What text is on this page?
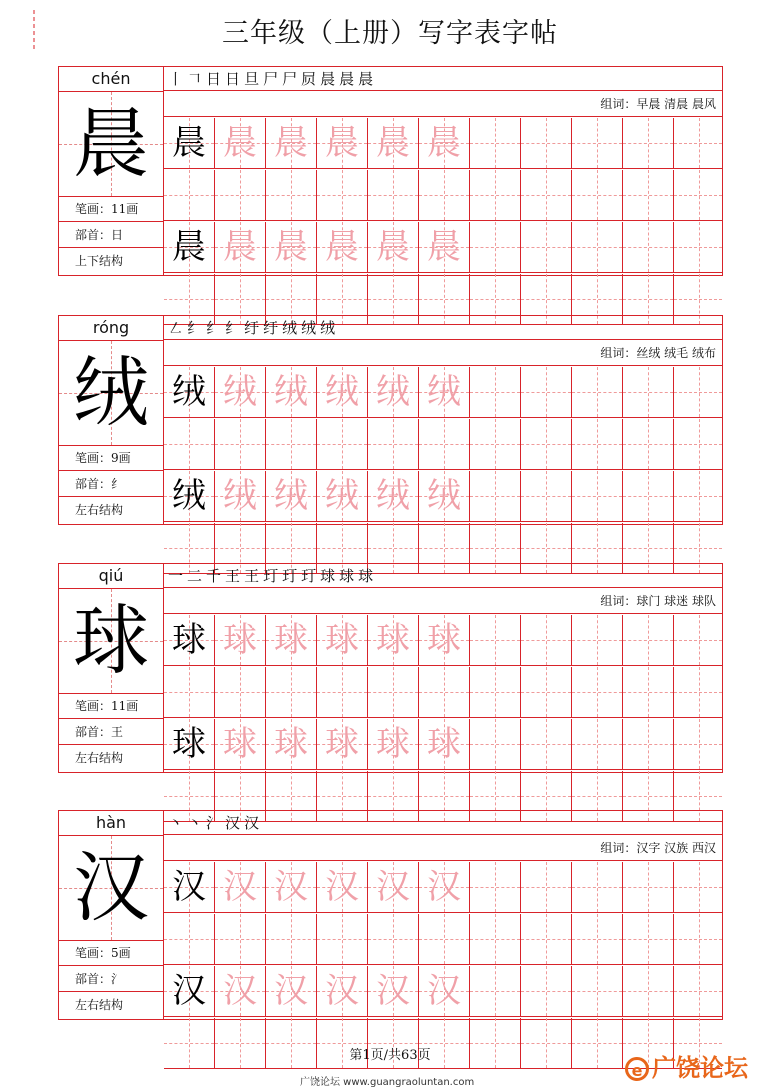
三年级（上册）写字表字帖
chén
晨
笔画：11画
部首：日
上下结构
丨 𠃍 日 日 旦 尸 尸 屃 晨 晨 晨
组词：早晨 清晨 晨风
晨 晨 晨 晨 晨 晨
晨 晨 晨 晨 晨 晨
róng
绒
笔画：9画
部首：纟
左右结构
㇜ 纟 纟 纟 纡 纡 绒 绒 绒
组词：丝绒 绒毛 绒布
绒 绒 绒 绒 绒 绒
绒 绒 绒 绒 绒 绒
qiú
球
笔画：11画
部首：王
左右结构
一 二 千 王 王 玎 玎 玎 球 球 球
组词：球门 球迷 球队
球 球 球 球 球 球
球 球 球 球 球 球
hàn
汉
笔画：5画
部首：氵
左右结构
丶 丶 氵 汉 汉
组词：汉字 汉族 西汉
汉 汉 汉 汉 汉 汉
汉 汉 汉 汉 汉 汉
第1页/共63页
广饶论坛 www.guangraoluntan.com
e 广饶论坛
